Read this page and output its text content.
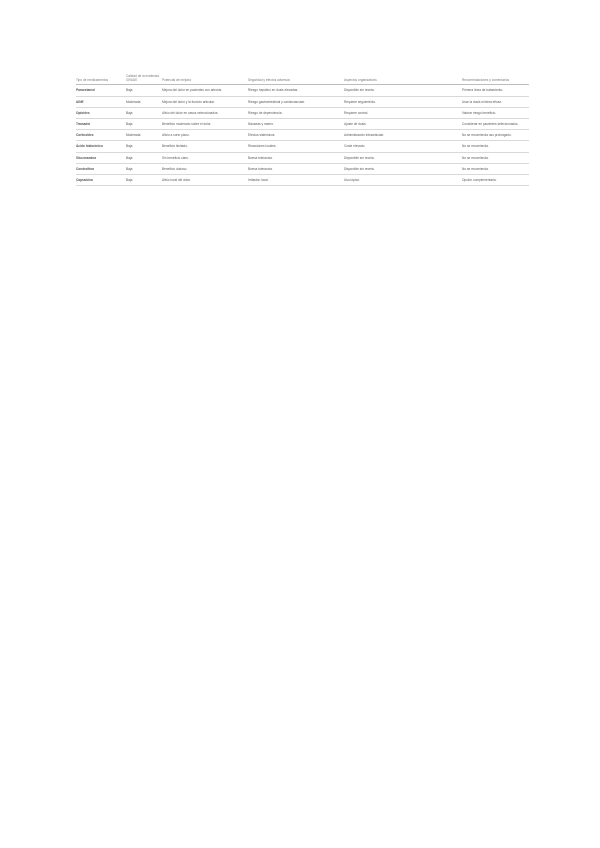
Tipo de medicamentos	Calidad de la evidencia GRADE	Potencial de mejoría	Seguridad y efectos adversos	Aspectos organizativos	Recomendaciones y comentarios
Paracetamol	Baja	Mejora del dolor en pacientes con artrosis.	Riesgo hepático en dosis elevadas.	Disponible sin receta.	Primera línea de tratamiento.
AINE	Moderada	Mejora del dolor y la función articular.	Riesgo gastrointestinal y cardiovascular.	Requiere seguimiento.	Usar la dosis mínima eficaz.
Opioides	Baja	Alivio del dolor en casos seleccionados.	Riesgo de dependencia.	Requiere control.	Valorar riesgo beneficio.
Tramadol	Baja	Beneficio moderado sobre el dolor.	Náuseas y mareo.	Ajuste de dosis.	Considerar en pacientes seleccionados.
Corticoides	Moderada	Alivio a corto plazo.	Efectos sistémicos.	Administración intraarticular.	No se recomienda uso prolongado.
Ácido hialurónico	Baja	Beneficio limitado.	Reacciones locales.	Coste elevado.	No se recomienda.
Glucosamina	Baja	Sin beneficio claro.	Buena tolerancia.	Disponible sin receta.	No se recomienda.
Condroitina	Baja	Beneficio dudoso.	Buena tolerancia.	Disponible sin receta.	No se recomienda.
Capsaicina	Baja	Alivio local del dolor.	Irritación local.	Uso tópico.	Opción complementaria.
